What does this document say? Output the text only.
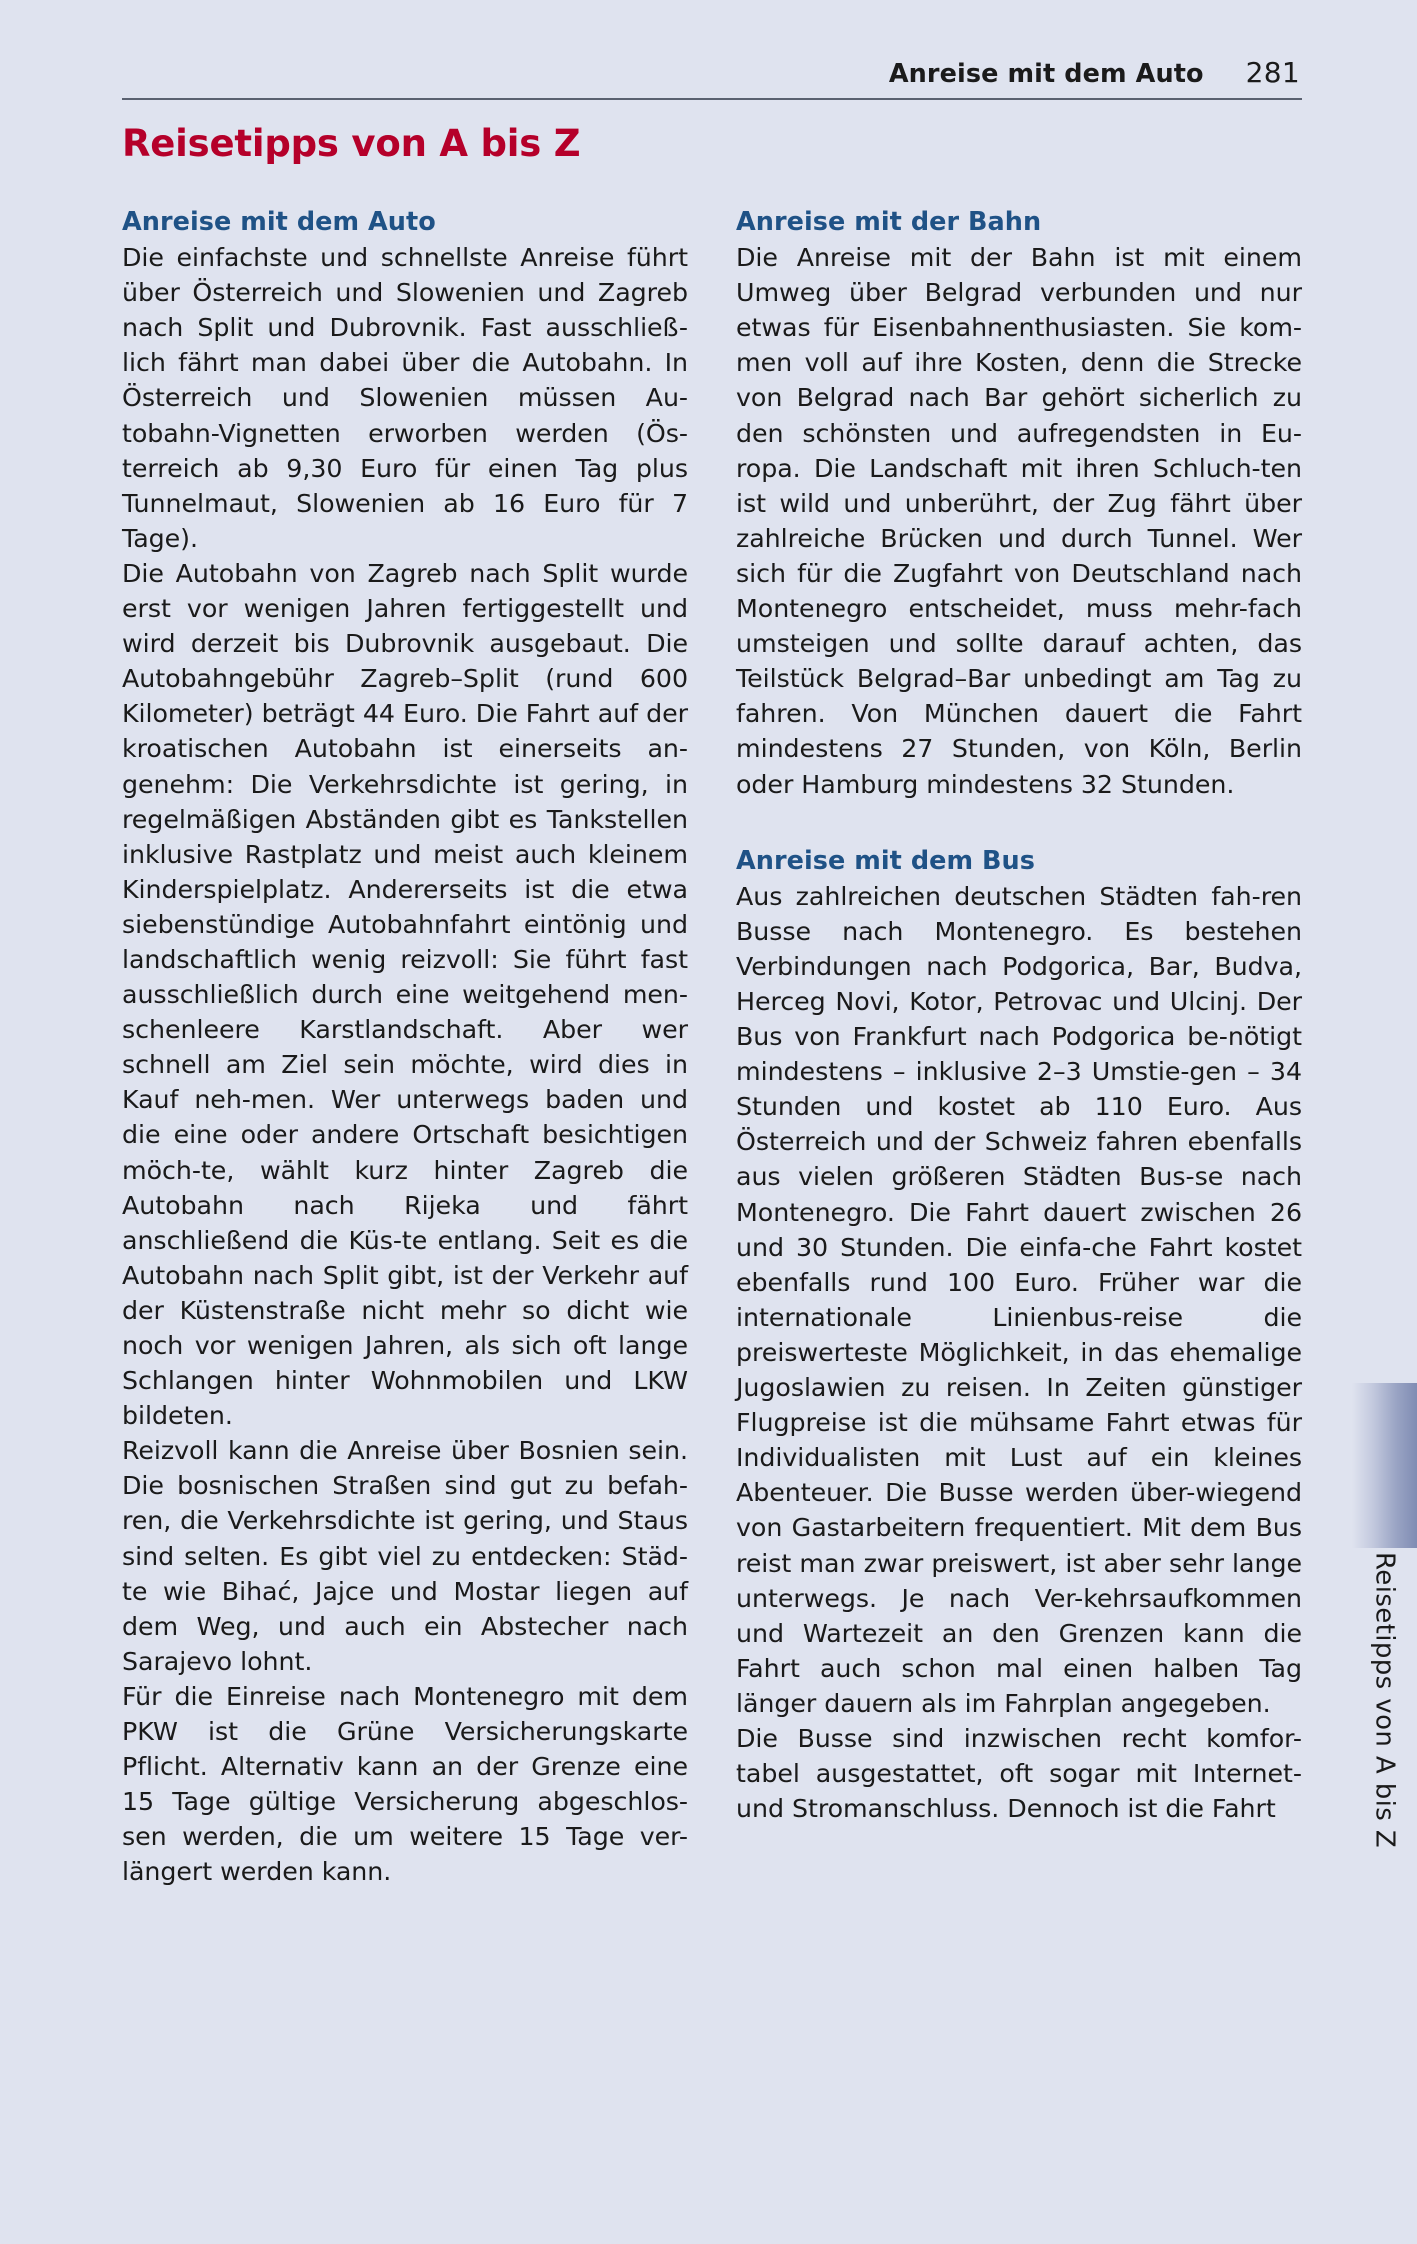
Anreise mit dem Auto 281
Reisetipps von A bis Z
Anreise mit dem Auto

Die einfachste und schnellste Anreise führt über Österreich und Slowenien und Zagreb nach Split und Dubrovnik. Fast ausschließ-lich fährt man dabei über die Autobahn. In Österreich und Slowenien müssen Au-tobahn-Vignetten erworben werden (Ös-terreich ab 9,30 Euro für einen Tag plus Tunnelmaut, Slowenien ab 16 Euro für 7 Tage).

Die Autobahn von Zagreb nach Split wurde erst vor wenigen Jahren fertiggestellt und wird derzeit bis Dubrovnik ausgebaut. Die Autobahngebühr Zagreb–Split (rund 600 Kilometer) beträgt 44 Euro. Die Fahrt auf der kroatischen Autobahn ist einerseits an-genehm: Die Verkehrsdichte ist gering, in regelmäßigen Abständen gibt es Tankstellen inklusive Rastplatz und meist auch kleinem Kinderspielplatz. Andererseits ist die etwa siebenstündige Autobahnfahrt eintönig und landschaftlich wenig reizvoll: Sie führt fast ausschließlich durch eine weitgehend men-schenleere Karstlandschaft. Aber wer schnell am Ziel sein möchte, wird dies in Kauf neh-men. Wer unterwegs baden und die eine oder andere Ortschaft besichtigen möch-te, wählt kurz hinter Zagreb die Autobahn nach Rijeka und fährt anschließend die Küs-te entlang. Seit es die Autobahn nach Split gibt, ist der Verkehr auf der Küstenstraße nicht mehr so dicht wie noch vor wenigen Jahren, als sich oft lange Schlangen hinter Wohnmobilen und LKW bildeten.

Reizvoll kann die Anreise über Bosnien sein. Die bosnischen Straßen sind gut zu befah-ren, die Verkehrsdichte ist gering, und Staus sind selten. Es gibt viel zu entdecken: Städ-te wie Bihać, Jajce und Mostar liegen auf dem Weg, und auch ein Abstecher nach Sarajevo lohnt.

Für die Einreise nach Montenegro mit dem PKW ist die Grüne Versicherungskarte Pflicht. Alternativ kann an der Grenze eine 15 Tage gültige Versicherung abgeschlos-sen werden, die um weitere 15 Tage ver-längert werden kann.

Anreise mit der Bahn

Die Anreise mit der Bahn ist mit einem Umweg über Belgrad verbunden und nur etwas für Eisenbahnenthusiasten. Sie kom-men voll auf ihre Kosten, denn die Strecke von Belgrad nach Bar gehört sicherlich zu den schönsten und aufregendsten in Eu-ropa. Die Landschaft mit ihren Schluch-ten ist wild und unberührt, der Zug fährt über zahlreiche Brücken und durch Tunnel. Wer sich für die Zugfahrt von Deutschland nach Montenegro entscheidet, muss mehr-fach umsteigen und sollte darauf achten, das Teilstück Belgrad–Bar unbedingt am Tag zu fahren. Von München dauert die Fahrt mindestens 27 Stunden, von Köln, Berlin oder Hamburg mindestens 32 Stunden.

Anreise mit dem Bus

Aus zahlreichen deutschen Städten fah-ren Busse nach Montenegro. Es bestehen Verbindungen nach Podgorica, Bar, Budva, Herceg Novi, Kotor, Petrovac und Ulcinj. Der Bus von Frankfurt nach Podgorica be-nötigt mindestens – inklusive 2–3 Umstie-gen – 34 Stunden und kostet ab 110 Euro. Aus Österreich und der Schweiz fahren ebenfalls aus vielen größeren Städten Bus-se nach Montenegro. Die Fahrt dauert zwischen 26 und 30 Stunden. Die einfa-che Fahrt kostet ebenfalls rund 100 Euro. Früher war die internationale Linienbus-reise die preiswerteste Möglichkeit, in das ehemalige Jugoslawien zu reisen. In Zeiten günstiger Flugpreise ist die mühsame Fahrt etwas für Individualisten mit Lust auf ein kleines Abenteuer. Die Busse werden über-wiegend von Gastarbeitern frequentiert. Mit dem Bus reist man zwar preiswert, ist aber sehr lange unterwegs. Je nach Ver-kehrsaufkommen und Wartezeit an den Grenzen kann die Fahrt auch schon mal einen halben Tag länger dauern als im Fahrplan angegeben.

Die Busse sind inzwischen recht komfor-tabel ausgestattet, oft sogar mit Internet- und Stromanschluss. Dennoch ist die Fahrt	Reisetipps von A bis Z
